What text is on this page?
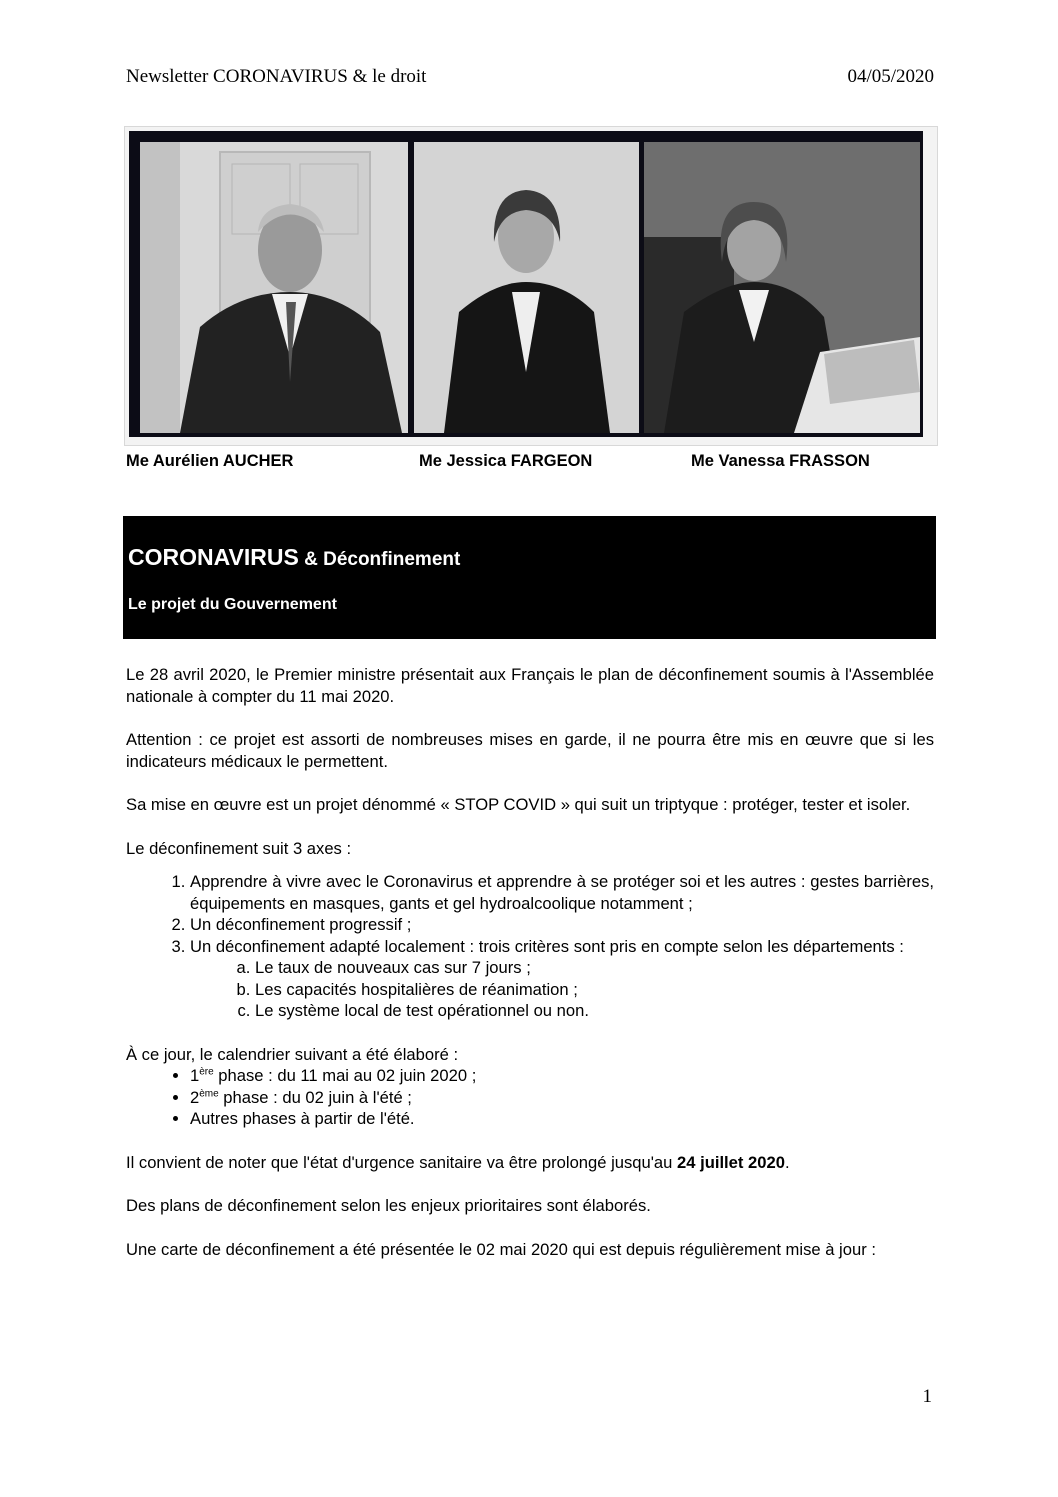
Newsletter CORONAVIRUS & le droit	04/05/2020
Me Aurélien AUCHER	Me Jessica FARGEON	Me Vanessa FRASSON
CORONAVIRUS & Déconfinement
Le projet du Gouvernement

Le 28 avril 2020, le Premier ministre présentait aux Français le plan de déconfinement soumis à l'Assemblée nationale à compter du 11 mai 2020.

Attention : ce projet est assorti de nombreuses mises en garde, il ne pourra être mis en œuvre que si les indicateurs médicaux le permettent.

Sa mise en œuvre est un projet dénommé « STOP COVID » qui suit un triptyque : protéger, tester et isoler.

Le déconfinement suit 3 axes :

1. Apprendre à vivre avec le Coronavirus et apprendre à se protéger soi et les autres : gestes barrières, équipements en masques, gants et gel hydroalcoolique notamment ;
2. Un déconfinement progressif ;
3. Un déconfinement adapté localement : trois critères sont pris en compte selon les départements :
a. Le taux de nouveaux cas sur 7 jours ;
b. Les capacités hospitalières de réanimation ;
c. Le système local de test opérationnel ou non.

À ce jour, le calendrier suivant a été élaboré :

• 1ère phase : du 11 mai au 02 juin 2020 ;
• 2ème phase : du 02 juin à l'été ;
• Autres phases à partir de l'été.

Il convient de noter que l'état d'urgence sanitaire va être prolongé jusqu'au 24 juillet 2020.

Des plans de déconfinement selon les enjeux prioritaires sont élaborés.

Une carte de déconfinement a été présentée le 02 mai 2020 qui est depuis régulièrement mise à jour :

1
